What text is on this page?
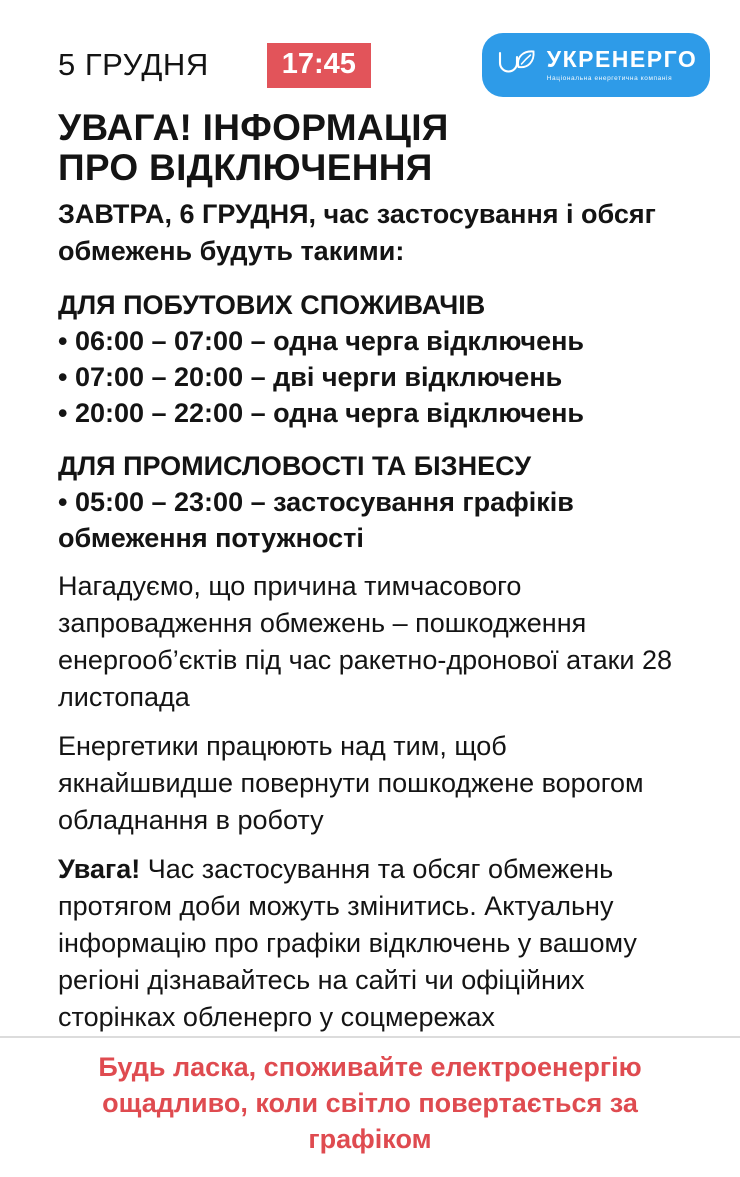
5 ГРУДНЯ	17:45	УКРЕНЕРГО
Національна енергетична компанія
УВАГА! ІНФОРМАЦІЯ
ПРО ВІДКЛЮЧЕННЯ
ЗАВТРА, 6 ГРУДНЯ, час застосування і обсяг обмежень будуть такими:
ДЛЯ ПОБУТОВИХ СПОЖИВАЧІВ
• 06:00 – 07:00 – одна черга відключень
• 07:00 – 20:00 – дві черги відключень
• 20:00 – 22:00 – одна черга відключень
ДЛЯ ПРОМИСЛОВОСТІ ТА БІЗНЕСУ
• 05:00 – 23:00 – застосування графіків обмеження потужності
Нагадуємо, що причина тимчасового запровадження обмежень – пошкодження енергооб’єктів під час ракетно-дронової атаки 28 листопада
Енергетики працюють над тим, щоб якнайшвидше повернути пошкоджене ворогом обладнання в роботу
Увага! Час застосування та обсяг обмежень протягом доби можуть змінитись. Актуальну інформацію про графіки відключень у вашому регіоні дізнавайтесь на сайті чи офіційних сторінках обленерго у соцмережах
Будь ласка, споживайте електроенергію ощадливо, коли світло повертається за графіком
